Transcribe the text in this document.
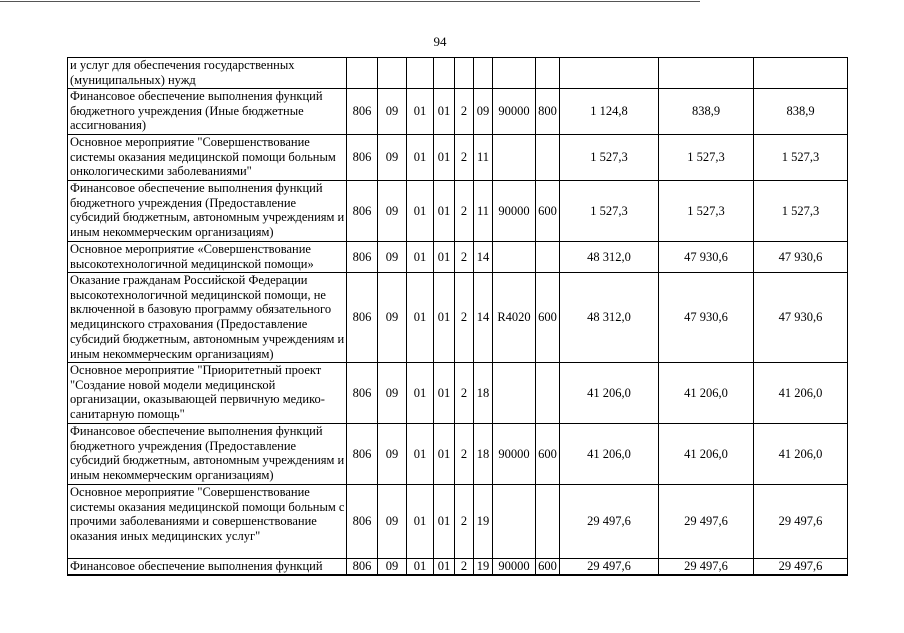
94
и услуг для обеспечения государственных (муниципальных) нужд											
Финансовое обеспечение выполнения функций бюджетного учреждения (Иные бюджетные ассигнования)	806	09	01	01	2	09	90000	800	1 124,8	838,9	838,9
Основное мероприятие "Совершенствование системы оказания медицинской помощи больным онкологическими заболеваниями"	806	09	01	01	2	11			1 527,3	1 527,3	1 527,3
Финансовое обеспечение выполнения функций бюджетного учреждения (Предоставление субсидий бюджетным, автономным учреждениям и иным некоммерческим организациям)	806	09	01	01	2	11	90000	600	1 527,3	1 527,3	1 527,3
Основное мероприятие «Совершенствование высокотехнологичной медицинской помощи»	806	09	01	01	2	14			48 312,0	47 930,6	47 930,6
Оказание гражданам Российской Федерации высокотехнологичной медицинской помощи, не включенной в базовую программу обязательного медицинского страхования (Предоставление субсидий бюджетным, автономным учреждениям и иным некоммерческим организациям)	806	09	01	01	2	14	R4020	600	48 312,0	47 930,6	47 930,6
Основное мероприятие "Приоритетный проект "Создание новой модели медицинской организации, оказывающей первичную медико-санитарную помощь"	806	09	01	01	2	18			41 206,0	41 206,0	41 206,0
Финансовое обеспечение выполнения функций бюджетного учреждения (Предоставление субсидий бюджетным, автономным учреждениям и иным некоммерческим организациям)	806	09	01	01	2	18	90000	600	41 206,0	41 206,0	41 206,0
Основное мероприятие "Совершенствование системы оказания медицинской помощи больным с прочими заболеваниями и совершенствование оказания иных медицинских услуг"	806	09	01	01	2	19			29 497,6	29 497,6	29 497,6
Финансовое обеспечение выполнения функций	806	09	01	01	2	19	90000	600	29 497,6	29 497,6	29 497,6
